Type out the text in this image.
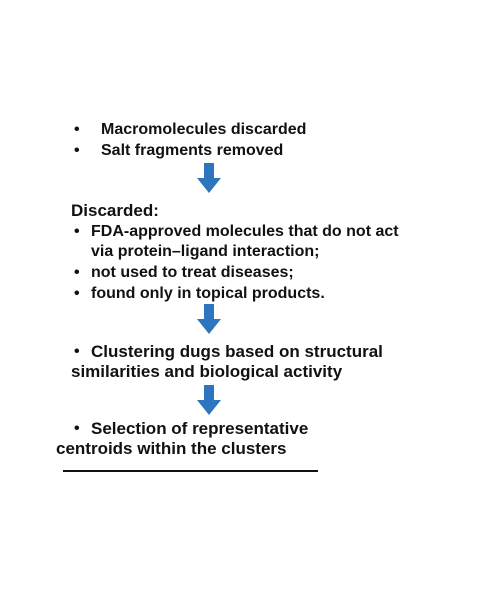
• Macromolecules discarded
• Salt fragments removed
Discarded:
• FDA-approved molecules that do not act
via protein–ligand interaction;
• not used to treat diseases;
• found only in topical products.
• Clustering dugs based on structural
similarities and biological activity
• Selection of representative
centroids within the clusters
